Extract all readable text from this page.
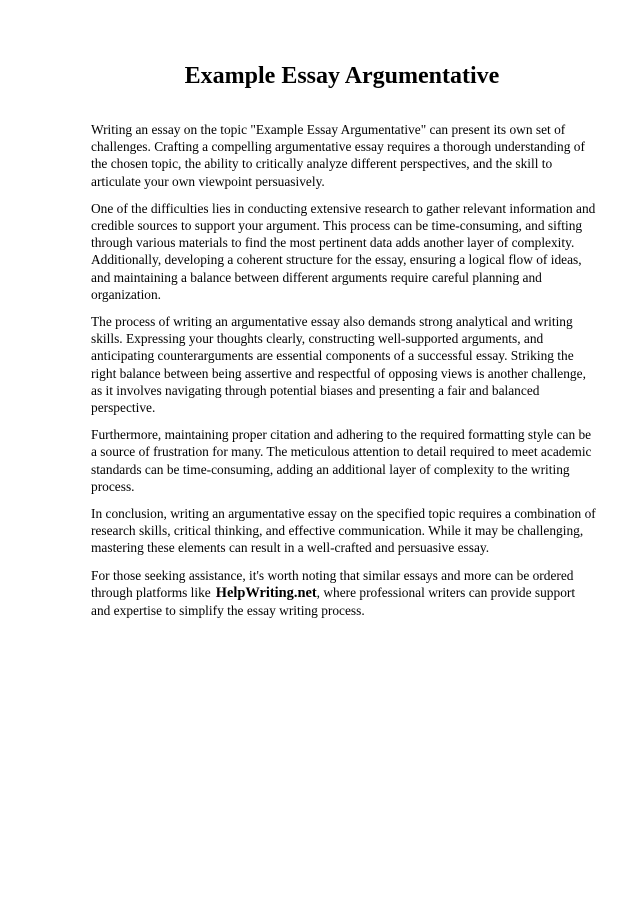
Example Essay Argumentative

Writing an essay on the topic "Example Essay Argumentative" can present its own set of challenges. Crafting a compelling argumentative essay requires a thorough understanding of the chosen topic, the ability to critically analyze different perspectives, and the skill to articulate your own viewpoint persuasively.

One of the difficulties lies in conducting extensive research to gather relevant information and credible sources to support your argument. This process can be time-consuming, and sifting through various materials to find the most pertinent data adds another layer of complexity. Additionally, developing a coherent structure for the essay, ensuring a logical flow of ideas, and maintaining a balance between different arguments require careful planning and organization.

The process of writing an argumentative essay also demands strong analytical and writing skills. Expressing your thoughts clearly, constructing well-supported arguments, and anticipating counterarguments are essential components of a successful essay. Striking the right balance between being assertive and respectful of opposing views is another challenge, as it involves navigating through potential biases and presenting a fair and balanced perspective.

Furthermore, maintaining proper citation and adhering to the required formatting style can be a source of frustration for many. The meticulous attention to detail required to meet academic standards can be time-consuming, adding an additional layer of complexity to the writing process.

In conclusion, writing an argumentative essay on the specified topic requires a combination of research skills, critical thinking, and effective communication. While it may be challenging, mastering these elements can result in a well-crafted and persuasive essay.

For those seeking assistance, it's worth noting that similar essays and more can be ordered through platforms like HelpWriting.net, where professional writers can provide support and expertise to simplify the essay writing process.
